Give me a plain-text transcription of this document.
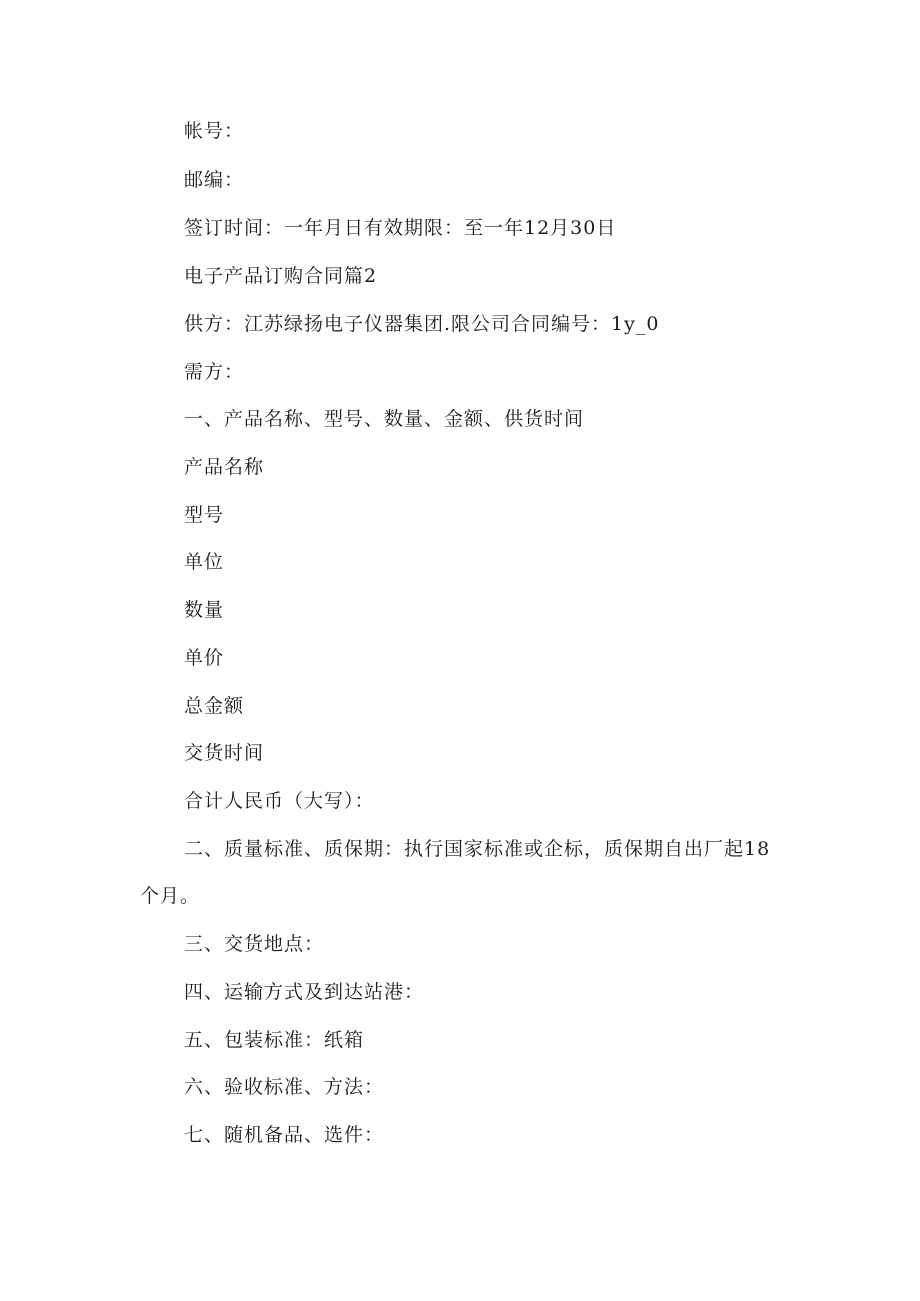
帐号：
邮编：
签订时间：一年月日有效期限：至一年12月30日
电子产品订购合同篇2
供方：江苏绿扬电子仪器集团.限公司合同编号：1y_0
需方：
一、产品名称、型号、数量、金额、供货时间
产品名称
型号
单位
数量
单价
总金额
交货时间
合计人民币（大写）：
二、质量标准、质保期：执行国家标准或企标，质保期自出厂起18
个月。
三、交货地点：
四、运输方式及到达站港：
五、包装标准：纸箱
六、验收标准、方法：
七、随机备品、选件：
